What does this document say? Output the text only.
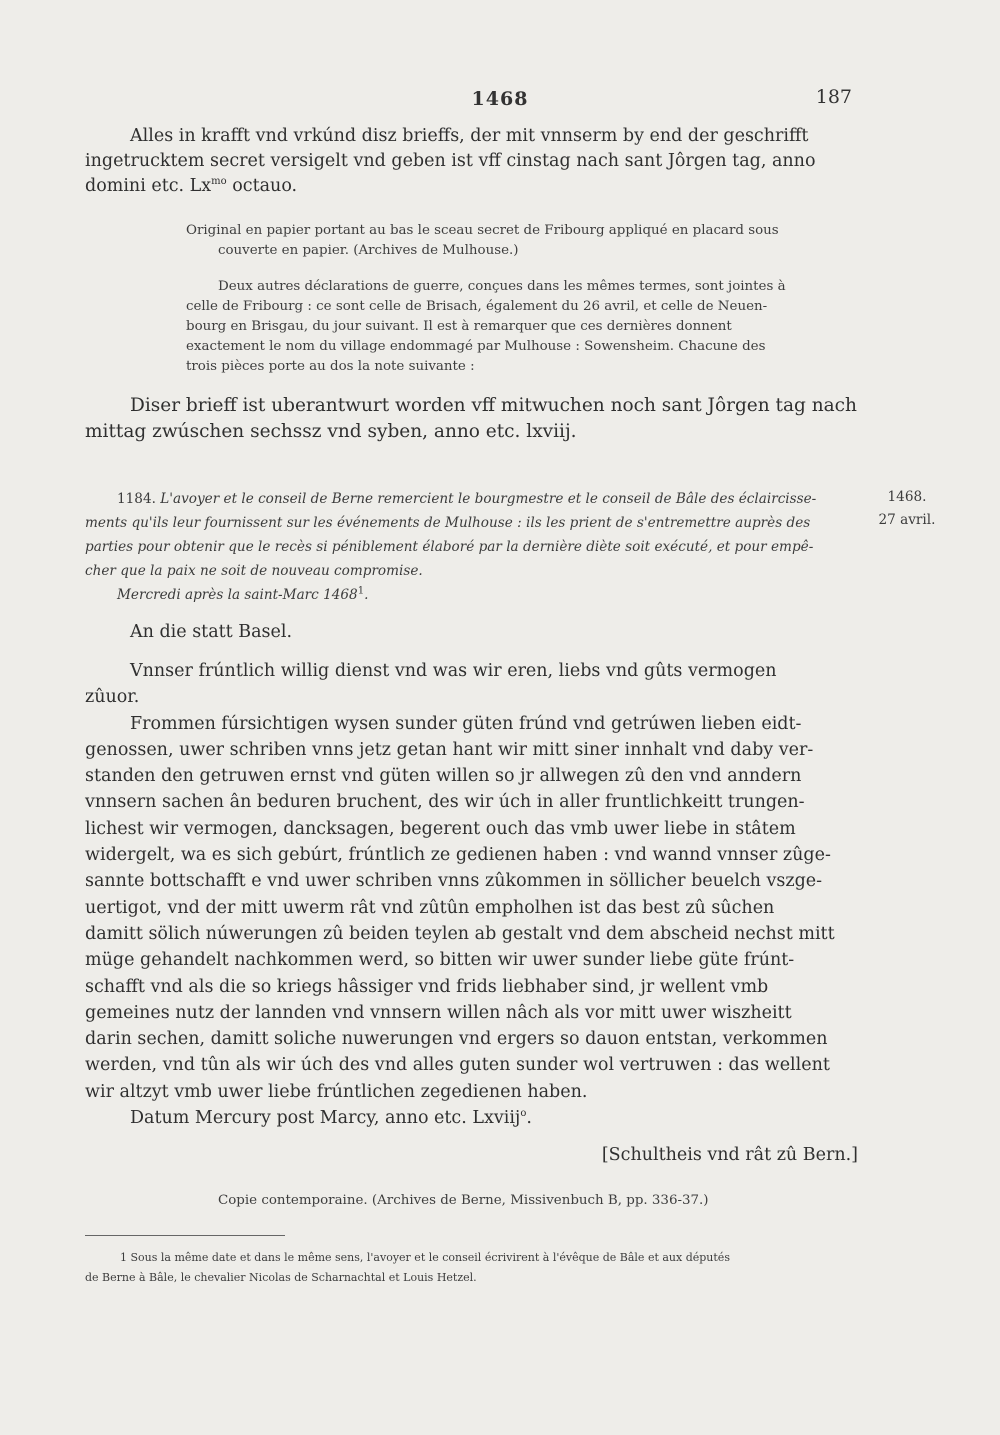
1468	187

Alles in krafft vnd vrkúnd disz brieffs, der mit vnnserm by end der geschrifft

ingetrucktem secret versigelt vnd geben ist vff cinstag nach sant Jôrgen tag, anno

domini etc. $Lx^{mo}$ octauo.

Original en papier portant au bas le sceau secret de Fribourg appliqué en placard sous
couverte en papier. (Archives de Mulhouse.)
Deux autres déclarations de guerre, conçues dans les mêmes termes, sont jointes à
celle de Fribourg : ce sont celle de Brisach, également du 26 avril, et celle de Neuen-
bourg en Brisgau, du jour suivant. Il est à remarquer que ces dernières donnent
exactement le nom du village endommagé par Mulhouse : Sowensheim. Chacune des
trois pièces porte au dos la note suivante :

Diser brieff ist uberantwurt worden vff mitwuchen noch sant Jôrgen tag nach

mittag zwúschen sechssz vnd syben, anno etc. lxviij.

1184. L'avoyer et le conseil de Berne remercient le bourgmestre et le conseil de Bâle des éclaircisse-
ments qu'ils leur fournissent sur les événements de Mulhouse : ils les prient de s'entremettre auprès des
parties pour obtenir que le recès si péniblement élaboré par la dernière diète soit exécuté, et pour empê-
cher que la paix ne soit de nouveau compromise.
Mercredi après la saint-Marc 1468$^1$.
1468.
27 avril.
An die statt Basel.

Vnnser frúntlich willig dienst vnd was wir eren, liebs vnd gûts vermogen

zûuor.

Frommen fúrsichtigen wysen sunder güten frúnd vnd getrúwen lieben eidt-

genossen, uwer schriben vnns jetz getan hant wir mitt siner innhalt vnd daby ver-

standen den getruwen ernst vnd güten willen so jr allwegen zû den vnd anndern

vnnsern sachen ân beduren bruchent, des wir úch in aller fruntlichkeitt trungen-

lichest wir vermogen, dancksagen, begerent ouch das vmb uwer liebe in stâtem

widergelt, wa es sich gebúrt, frúntlich ze gedienen haben : vnd wannd vnnser zûge-

sannte bottschafft e vnd uwer schriben vnns zûkommen in söllicher beuelch vszge-

uertigot, vnd der mitt uwerm rât vnd zûtûn empholhen ist das best zû sûchen

damitt sölich núwerungen zû beiden teylen ab gestalt vnd dem abscheid nechst mitt

müge gehandelt nachkommen werd, so bitten wir uwer sunder liebe güte frúnt-

schafft vnd als die so kriegs hâssiger vnd frids liebhaber sind, jr wellent vmb

gemeines nutz der lannden vnd vnnsern willen nâch als vor mitt uwer wiszheitt

darin sechen, damitt soliche nuwerungen vnd ergers so dauon entstan, verkommen

werden, vnd tûn als wir úch des vnd alles guten sunder wol vertruwen : das wellent

wir altzyt vmb uwer liebe frúntlichen zegedienen haben.

Datum Mercury post Marcy, anno etc. Lxviij$^o$.

[Schultheis vnd rât zû Bern.]
Copie contemporaine. (Archives de Berne, Missivenbuch B, pp. 336-37.)
1 Sous la même date et dans le même sens, l'avoyer et le conseil écrivirent à l'évêque de Bâle et aux députés
de Berne à Bâle, le chevalier Nicolas de Scharnachtal et Louis Hetzel.
